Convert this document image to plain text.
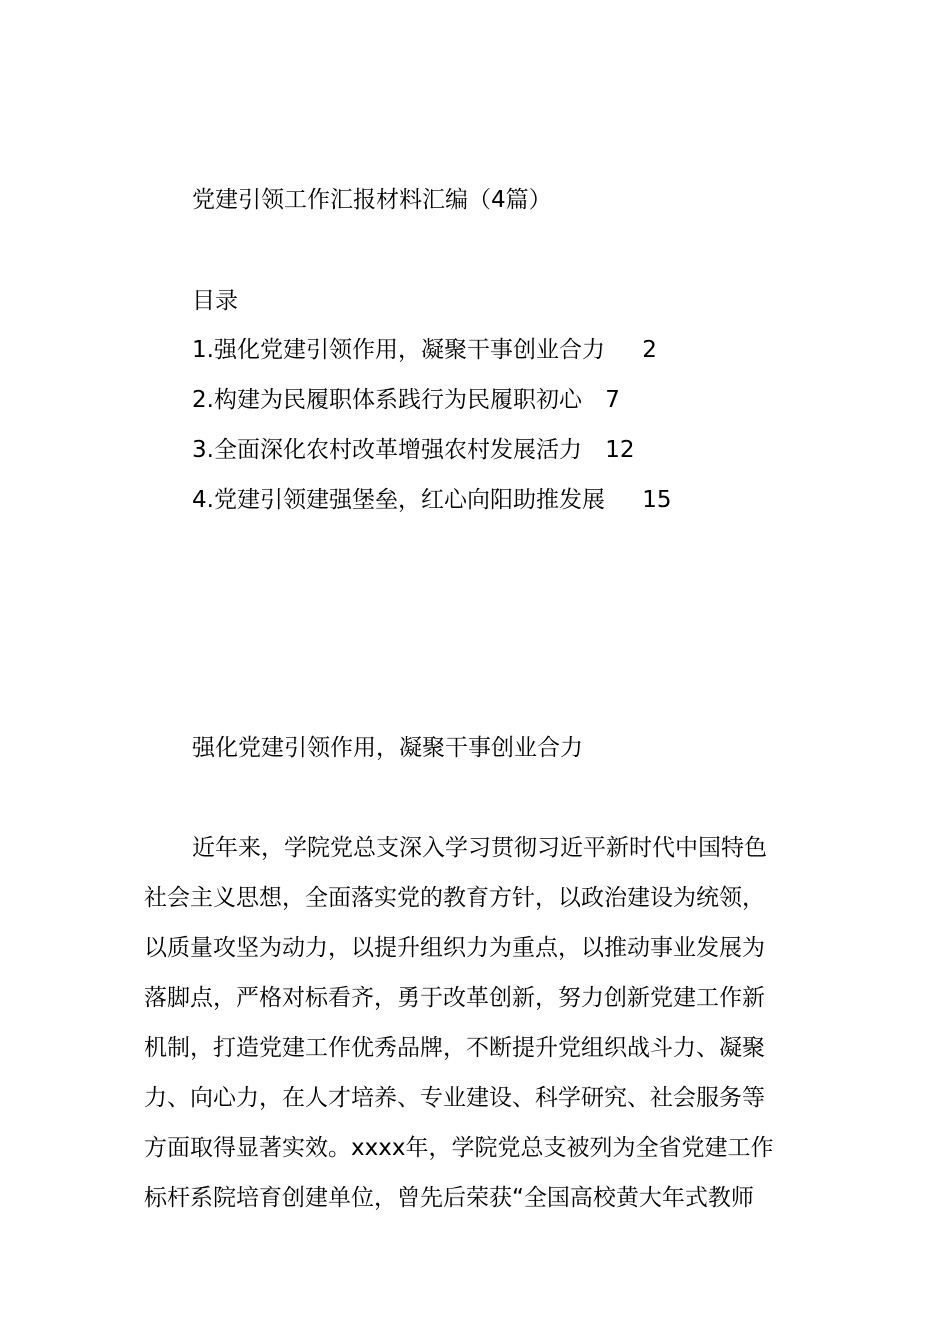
党建引领工作汇报材料汇编（4篇）
目录
1.强化党建引领作用，凝聚干事创业合力 2
2.构建为民履职体系践行为民履职初心 7
3.全面深化农村改革增强农村发展活力 12
4.党建引领建强堡垒，红心向阳助推发展 15
强化党建引领作用，凝聚干事创业合力

近年来，学院党总支深入学习贯彻习近平新时代中国特色
社会主义思想，全面落实党的教育方针，以政治建设为统领，
以质量攻坚为动力，以提升组织力为重点，以推动事业发展为
落脚点，严格对标看齐，勇于改革创新，努力创新党建工作新
机制，打造党建工作优秀品牌，不断提升党组织战斗力、凝聚
力、向心力，在人才培养、专业建设、科学研究、社会服务等
方面取得显著实效。xxxx年，学院党总支被列为全省党建工作
标杆系院培育创建单位，曾先后荣获“全国高校黄大年式教师
